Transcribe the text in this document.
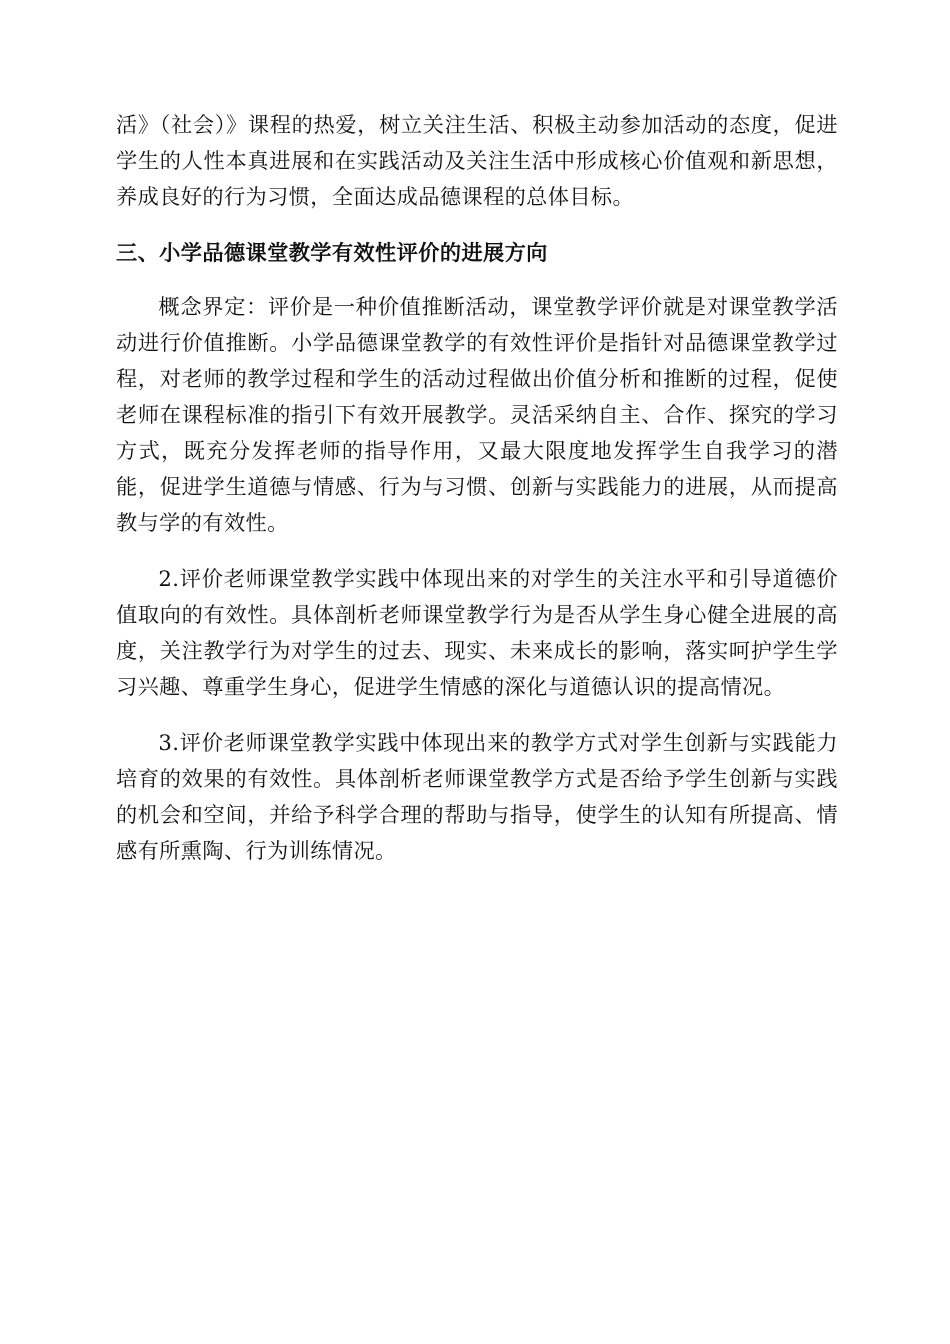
活》（社会）》课程的热爱，树立关注生活、积极主动参加活动的态度，促进学生的人性本真进展和在实践活动及关注生活中形成核心价值观和新思想，养成良好的行为习惯，全面达成品德课程的总体目标。

三、小学品德课堂教学有效性评价的进展方向

概念界定：评价是一种价值推断活动，课堂教学评价就是对课堂教学活动进行价值推断。小学品德课堂教学的有效性评价是指针对品德课堂教学过程，对老师的教学过程和学生的活动过程做出价值分析和推断的过程，促使老师在课程标准的指引下有效开展教学。灵活采纳自主、合作、探究的学习方式，既充分发挥老师的指导作用，又最大限度地发挥学生自我学习的潜能，促进学生道德与情感、行为与习惯、创新与实践能力的进展，从而提高教与学的有效性。

2.评价老师课堂教学实践中体现出来的对学生的关注水平和引导道德价值取向的有效性。具体剖析老师课堂教学行为是否从学生身心健全进展的高度，关注教学行为对学生的过去、现实、未来成长的影响，落实呵护学生学习兴趣、尊重学生身心，促进学生情感的深化与道德认识的提高情况。

3.评价老师课堂教学实践中体现出来的教学方式对学生创新与实践能力培育的效果的有效性。具体剖析老师课堂教学方式是否给予学生创新与实践的机会和空间，并给予科学合理的帮助与指导，使学生的认知有所提高、情感有所熏陶、行为训练情况。
